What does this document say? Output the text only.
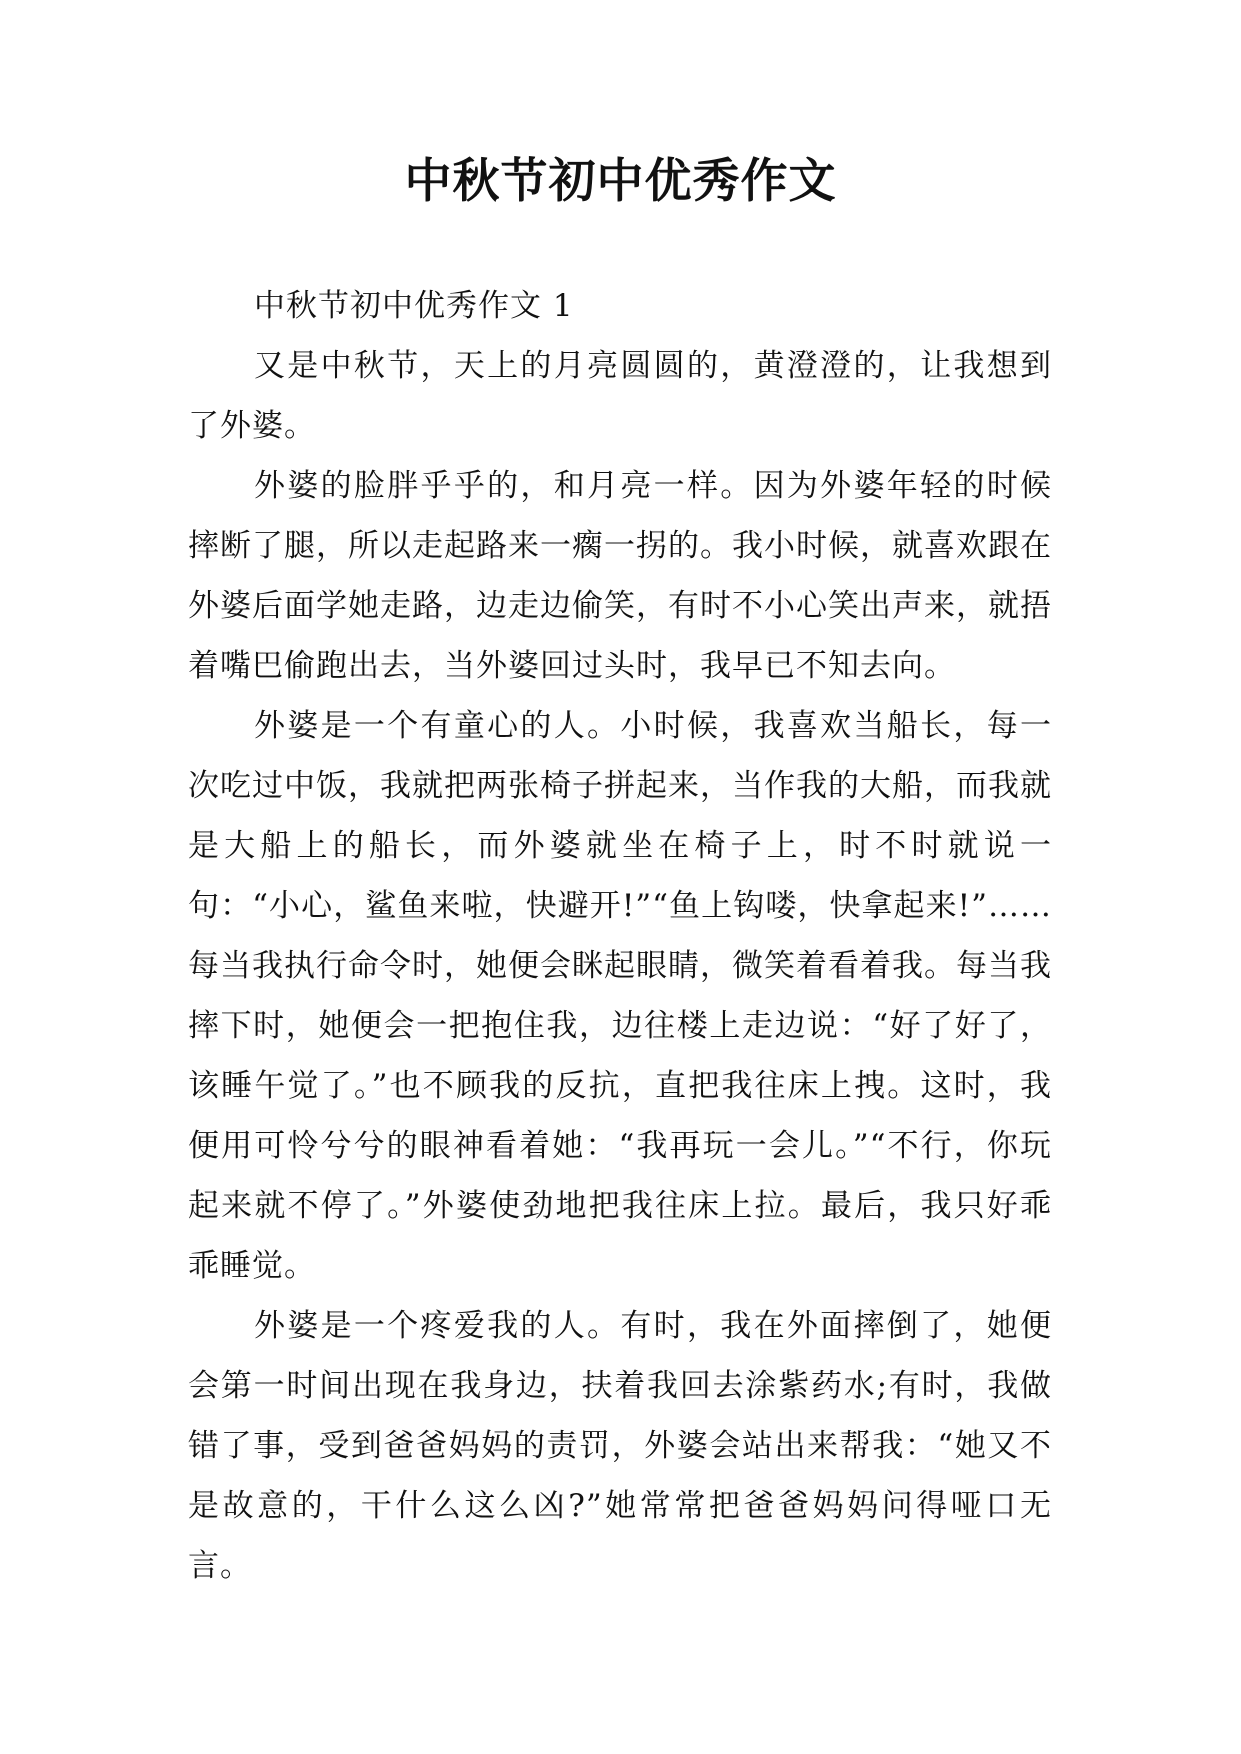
中秋节初中优秀作文

中秋节初中优秀作文 1

又是中秋节，天上的月亮圆圆的，黄澄澄的，让我想到了外婆。

外婆的脸胖乎乎的，和月亮一样。因为外婆年轻的时候摔断了腿，所以走起路来一瘸一拐的。我小时候，就喜欢跟在外婆后面学她走路，边走边偷笑，有时不小心笑出声来，就捂着嘴巴偷跑出去，当外婆回过头时，我早已不知去向。

外婆是一个有童心的人。小时候，我喜欢当船长，每一次吃过中饭，我就把两张椅子拼起来，当作我的大船，而我就是大船上的船长，而外婆就坐在椅子上，时不时就说一句：“小心，鲨鱼来啦，快避开!”“鱼上钩喽，快拿起来!”……每当我执行命令时，她便会眯起眼睛，微笑着看着我。每当我摔下时，她便会一把抱住我，边往楼上走边说：“好了好了，该睡午觉了。”也不顾我的反抗，直把我往床上拽。这时，我便用可怜兮兮的眼神看着她：“我再玩一会儿。”“不行，你玩起来就不停了。”外婆使劲地把我往床上拉。最后，我只好乖乖睡觉。

外婆是一个疼爱我的人。有时，我在外面摔倒了，她便会第一时间出现在我身边，扶着我回去涂紫药水;有时，我做错了事，受到爸爸妈妈的责罚，外婆会站出来帮我：“她又不是故意的，干什么这么凶?”她常常把爸爸妈妈问得哑口无言。
